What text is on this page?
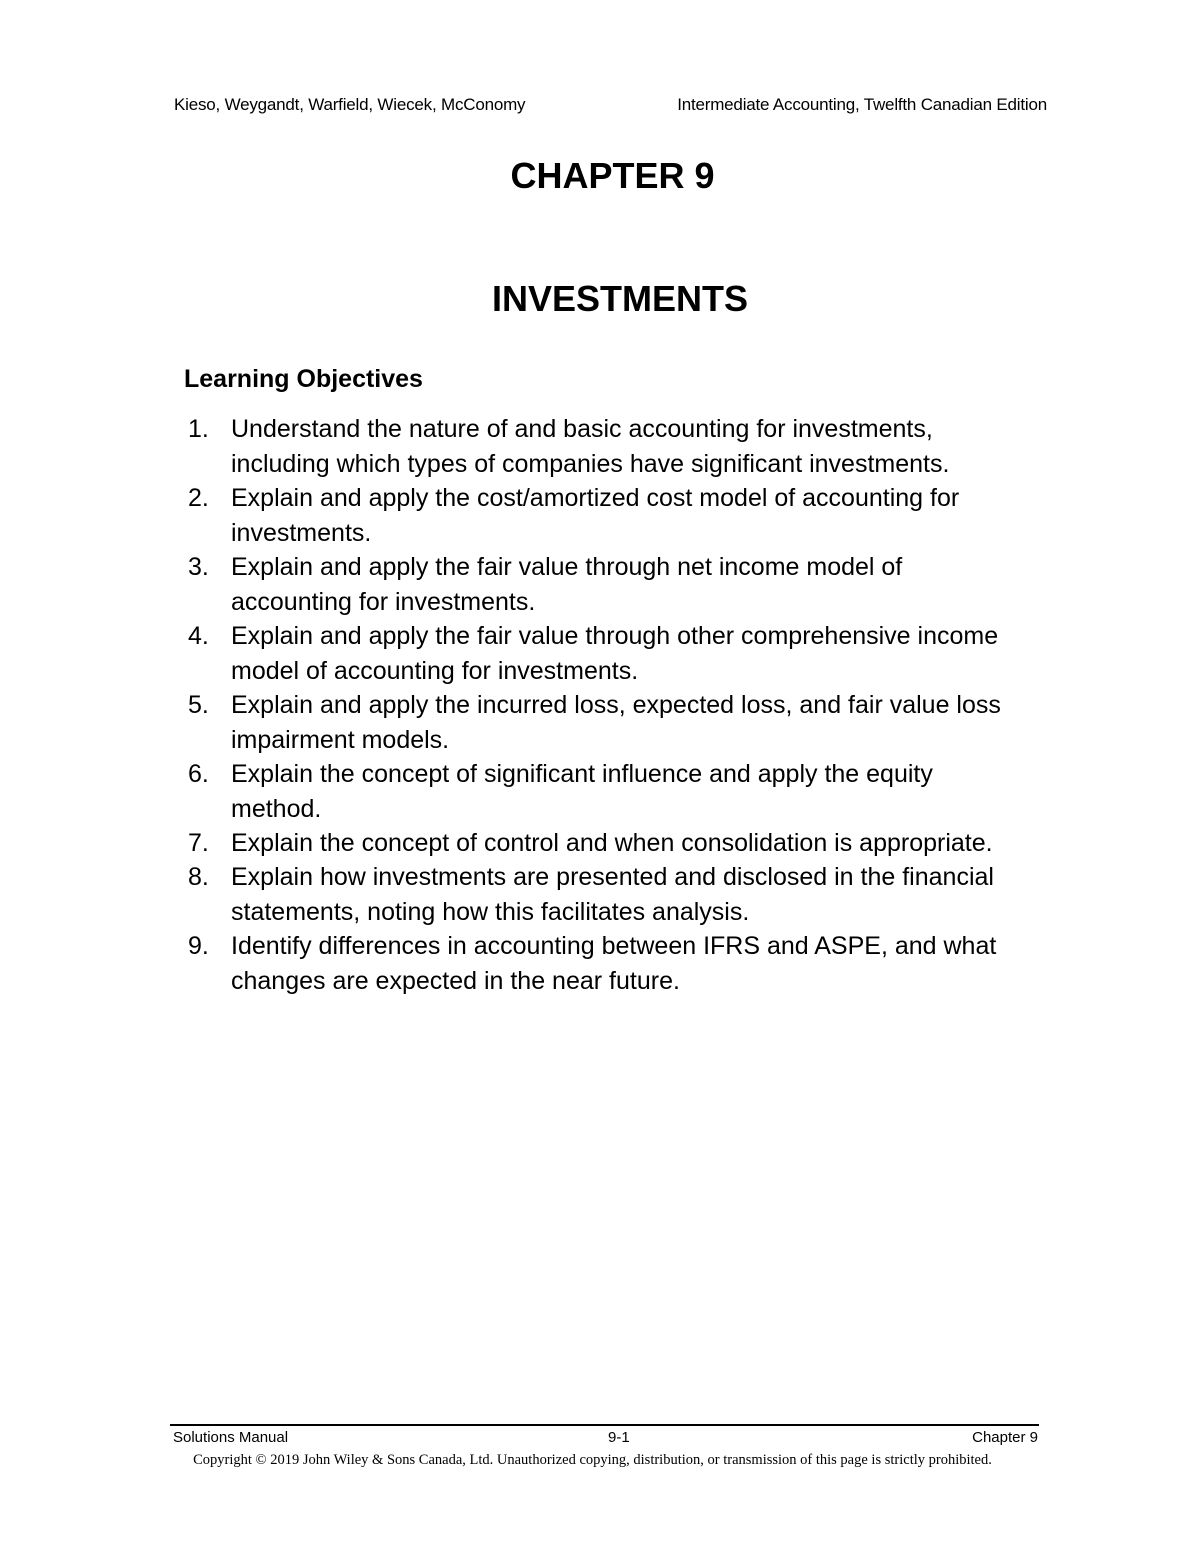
Kieso, Weygandt, Warfield, Wiecek, McConomy	Intermediate Accounting, Twelfth Canadian Edition
CHAPTER 9
INVESTMENTS
Learning Objectives
1. Understand the nature of and basic accounting for investments, including which types of companies have significant investments.
2. Explain and apply the cost/amortized cost model of accounting for investments.
3. Explain and apply the fair value through net income model of accounting for investments.
4. Explain and apply the fair value through other comprehensive income model of accounting for investments.
5. Explain and apply the incurred loss, expected loss, and fair value loss impairment models.
6. Explain the concept of significant influence and apply the equity method.
7. Explain the concept of control and when consolidation is appropriate.
8. Explain how investments are presented and disclosed in the financial statements, noting how this facilitates analysis.
9. Identify differences in accounting between IFRS and ASPE, and what changes are expected in the near future.
Solutions Manual	9-1	Chapter 9
Copyright © 2019 John Wiley & Sons Canada, Ltd. Unauthorized copying, distribution, or transmission of this page is strictly prohibited.
